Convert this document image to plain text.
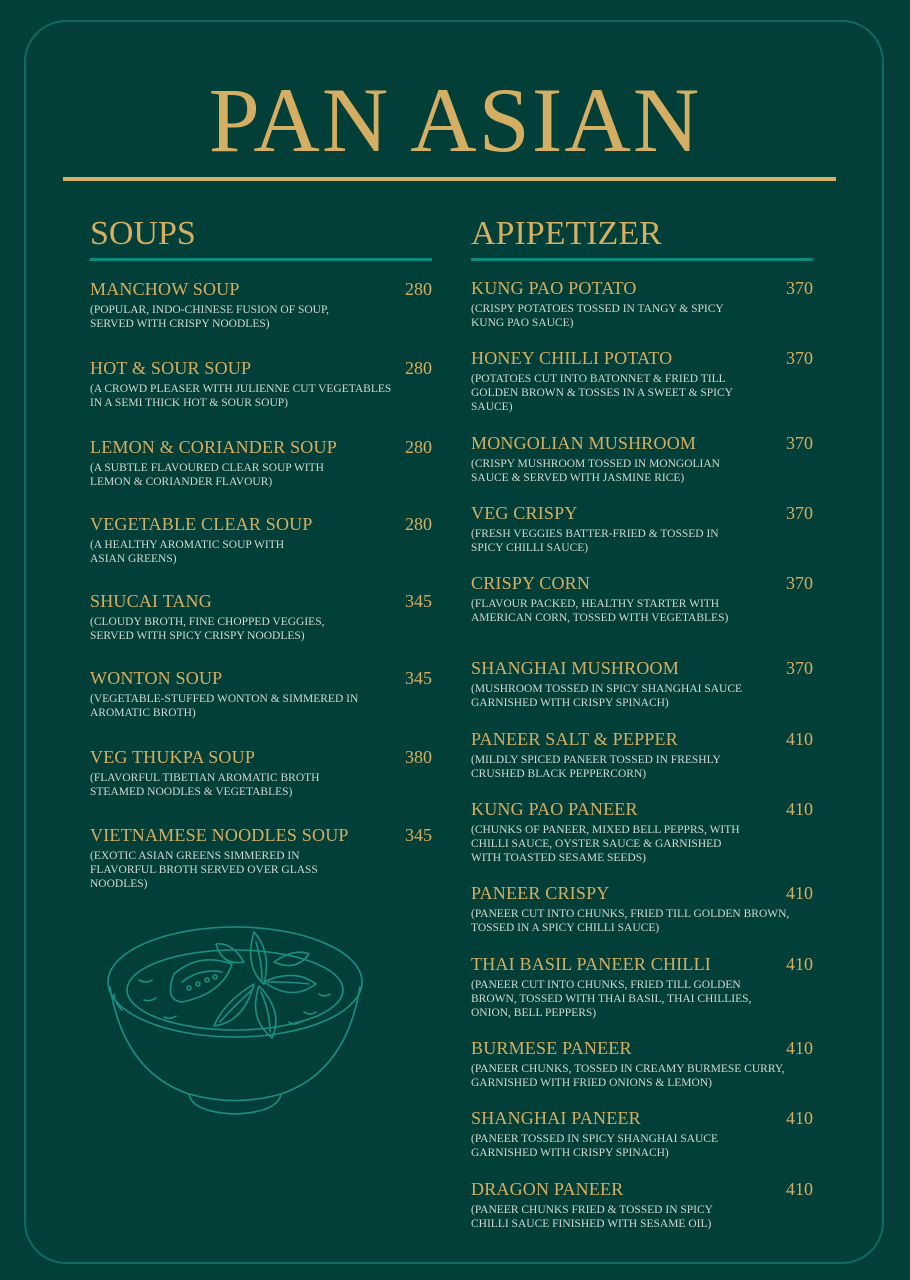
PAN ASIAN
SOUPS
MANCHOW SOUP	280
(POPULAR, INDO-CHINESE FUSION OF SOUP, SERVED WITH CRISPY NOODLES)
HOT & SOUR SOUP	280
(A CROWD PLEASER WITH JULIENNE CUT VEGETABLES IN A SEMI THICK HOT & SOUR SOUP)
LEMON & CORIANDER SOUP	280
(A SUBTLE FLAVOURED CLEAR SOUP WITH LEMON & CORIANDER FLAVOUR)
VEGETABLE CLEAR SOUP	280
(A HEALTHY AROMATIC SOUP WITH ASIAN GREENS)
SHUCAI TANG	345
(CLOUDY BROTH, FINE CHOPPED VEGGIES, SERVED WITH SPICY CRISPY NOODLES)
WONTON SOUP	345
(VEGETABLE-STUFFED WONTON & SIMMERED IN AROMATIC BROTH)
VEG THUKPA SOUP	380
(FLAVORFUL TIBETIAN AROMATIC BROTH STEAMED NOODLES & VEGETABLES)
VIETNAMESE NOODLES SOUP	345
(EXOTIC ASIAN GREENS SIMMERED IN FLAVORFUL BROTH SERVED OVER GLASS NOODLES)
APIPETIZER
KUNG PAO POTATO	370
(CRISPY POTATOES TOSSED IN TANGY & SPICY KUNG PAO SAUCE)
HONEY CHILLI POTATO	370
(POTATOES CUT INTO BATONNET & FRIED TILL GOLDEN BROWN & TOSSES IN A SWEET & SPICY SAUCE)
MONGOLIAN MUSHROOM	370
(CRISPY MUSHROOM TOSSED IN MONGOLIAN SAUCE & SERVED WITH JASMINE RICE)
VEG CRISPY	370
(FRESH VEGGIES BATTER-FRIED & TOSSED IN SPICY CHILLI SAUCE)
CRISPY CORN	370
(FLAVOUR PACKED, HEALTHY STARTER WITH AMERICAN CORN, TOSSED WITH VEGETABLES)
SHANGHAI MUSHROOM	370
(MUSHROOM TOSSED IN SPICY SHANGHAI SAUCE GARNISHED WITH CRISPY SPINACH)
PANEER SALT & PEPPER	410
(MILDLY SPICED PANEER TOSSED IN FRESHLY CRUSHED BLACK PEPPERCORN)
KUNG PAO PANEER	410
(CHUNKS OF PANEER, MIXED BELL PEPPRS, WITH CHILLI SAUCE, OYSTER SAUCE & GARNISHED WITH TOASTED SESAME SEEDS)
PANEER CRISPY	410
(PANEER CUT INTO CHUNKS, FRIED TILL GOLDEN BROWN, TOSSED IN A SPICY CHILLI SAUCE)
THAI BASIL PANEER CHILLI	410
(PANEER CUT INTO CHUNKS, FRIED TILL GOLDEN BROWN, TOSSED WITH THAI BASIL, THAI CHILLIES, ONION, BELL PEPPERS)
BURMESE PANEER	410
(PANEER CHUNKS, TOSSED IN CREAMY BURMESE CURRY, GARNISHED WITH FRIED ONIONS & LEMON)
SHANGHAI PANEER	410
(PANEER TOSSED IN SPICY SHANGHAI SAUCE GARNISHED WITH CRISPY SPINACH)
DRAGON PANEER	410
(PANEER CHUNKS FRIED & TOSSED IN SPICY CHILLI SAUCE FINISHED WITH SESAME OIL)
